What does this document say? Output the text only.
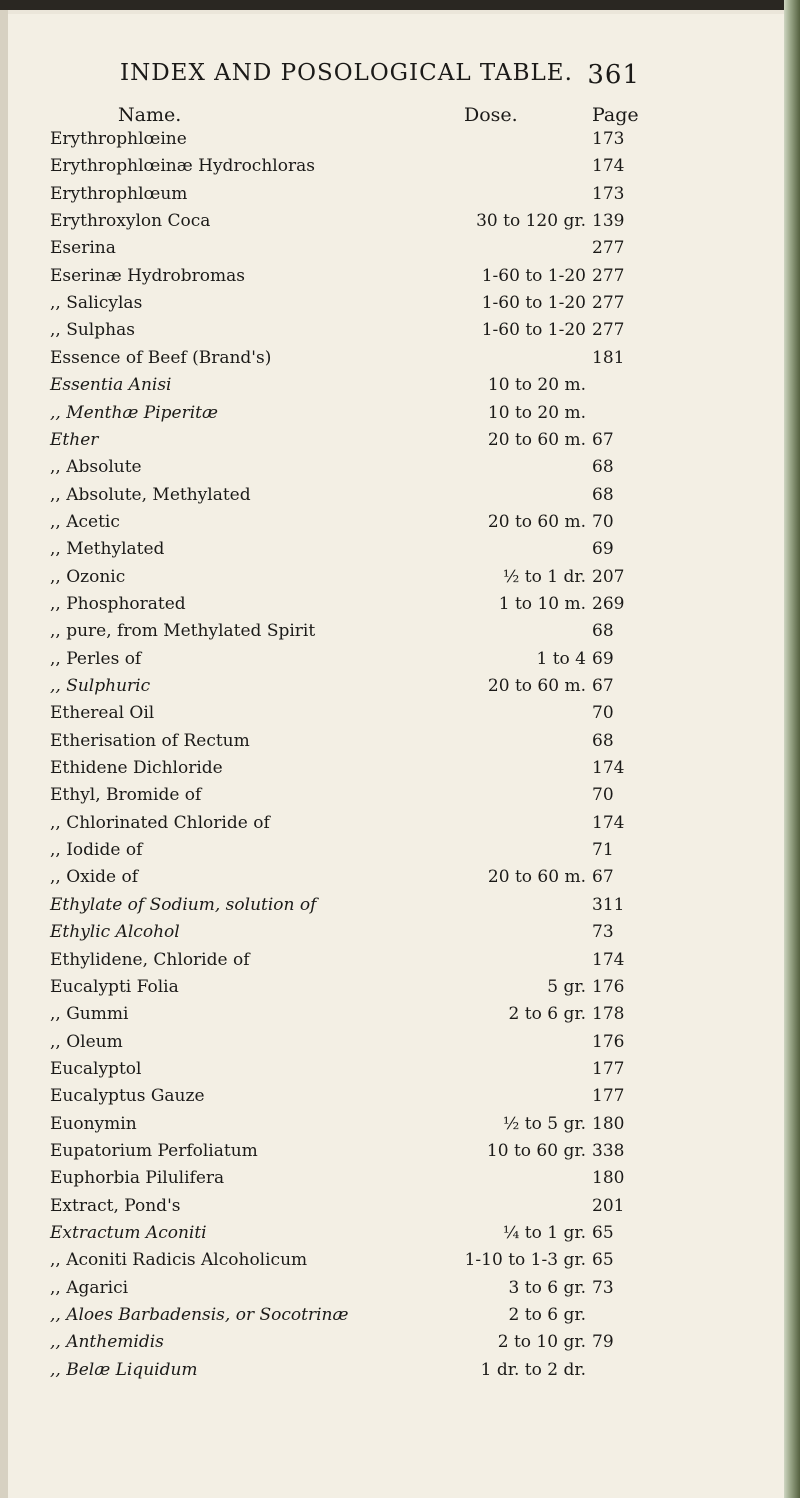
INDEX AND POSOLOGICAL TABLE. 361
Name.	Dose.	Page
Erythrophlœine	173
Erythrophlœinæ Hydrochloras	174
Erythrophlœum	173
Erythroxylon Coca	30 to 120 gr. 139
Eserina	277
Eserinæ Hydrobromas	1-60 to 1-20 277
,, Salicylas	1-60 to 1-20 277
,, Sulphas	1-60 to 1-20 277
Essence of Beef (Brand's)	181
Essentia Anisi	10 to 20 m.
,, Menthæ Piperitæ	10 to 20 m.
Ether	20 to 60 m. 67
,, Absolute	68
,, Absolute, Methylated	68
,, Acetic	20 to 60 m. 70
,, Methylated	69
,, Ozonic	½ to 1 dr. 207
,, Phosphorated	1 to 10 m. 269
,, pure, from Methylated Spirit	68
,, Perles of	1 to 4 69
,, Sulphuric	20 to 60 m. 67
Ethereal Oil	70
Etherisation of Rectum	68
Ethidene Dichloride	174
Ethyl, Bromide of	70
,, Chlorinated Chloride of	174
,, Iodide of	71
,, Oxide of	20 to 60 m. 67
Ethylate of Sodium, solution of	311
Ethylic Alcohol	73
Ethylidene, Chloride of	174
Eucalypti Folia	5 gr. 176
,, Gummi	2 to 6 gr. 178
,, Oleum	176
Eucalyptol	177
Eucalyptus Gauze	177
Euonymin	½ to 5 gr. 180
Eupatorium Perfoliatum	10 to 60 gr. 338
Euphorbia Pilulifera	180
Extract, Pond's	201
Extractum Aconiti	¼ to 1 gr. 65
,, Aconiti Radicis Alcoholicum	1-10 to 1-3 gr. 65
,, Agarici	3 to 6 gr. 73
,, Aloes Barbadensis, or Socotrinæ	2 to 6 gr.
,, Anthemidis	2 to 10 gr. 79
,, Belæ Liquidum	1 dr. to 2 dr.
